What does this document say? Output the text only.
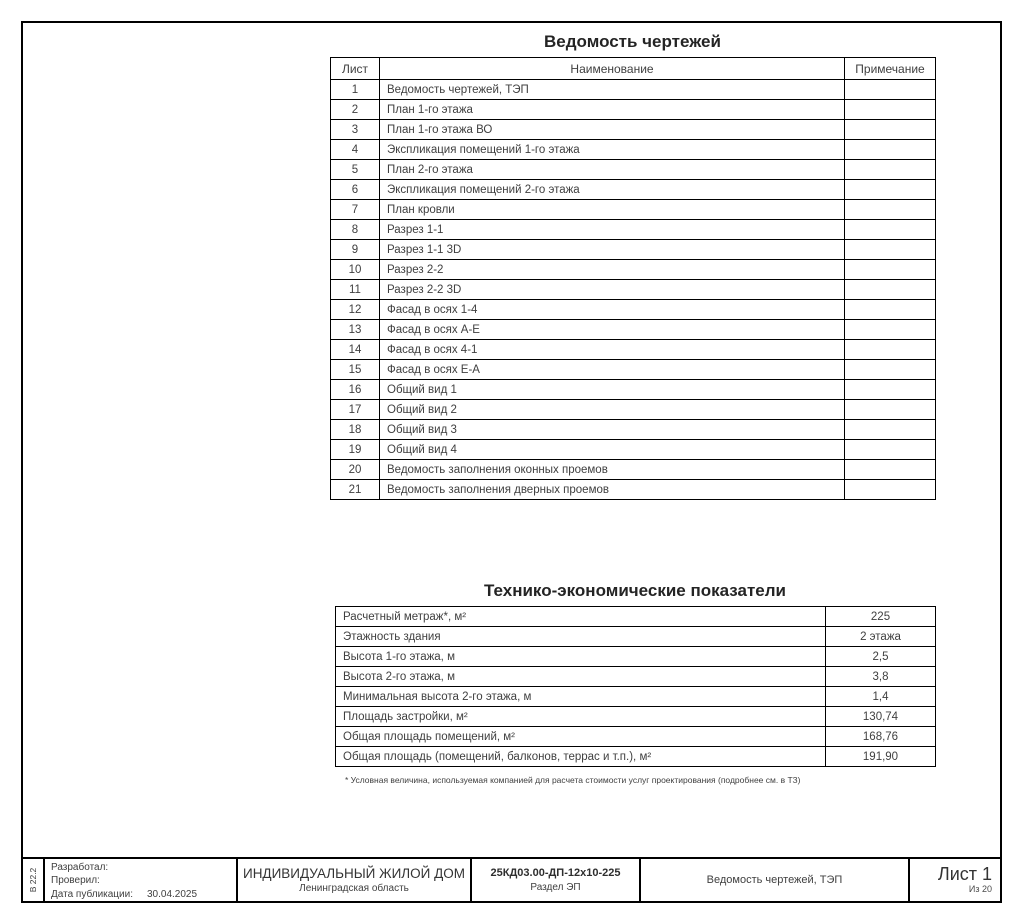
Ведомость чертежей
Лист	Наименование	Примечание
1	Ведомость чертежей, ТЭП	
2	План 1-го этажа	
3	План 1-го этажа ВО	
4	Экспликация помещений 1-го этажа	
5	План 2-го этажа	
6	Экспликация помещений 2-го этажа	
7	План кровли	
8	Разрез 1-1	
9	Разрез 1-1 3D	
10	Разрез 2-2	
11	Разрез 2-2 3D	
12	Фасад в осях 1-4	
13	Фасад в осях А-Е	
14	Фасад в осях 4-1	
15	Фасад в осях Е-А	
16	Общий вид 1	
17	Общий вид 2	
18	Общий вид 3	
19	Общий вид 4	
20	Ведомость заполнения оконных проемов	
21	Ведомость заполнения дверных проемов	
Технико-экономические показатели
Расчетный метраж*, м²	225
Этажность здания	2 этажа
Высота 1-го этажа, м	2,5
Высота 2-го этажа, м	3,8
Минимальная высота 2-го этажа, м	1,4
Площадь застройки, м²	130,74
Общая площадь помещений, м²	168,76
Общая площадь (помещений, балконов, террас и т.п.), м²	191,90
* Условная величина, используемая компанией для расчета стоимости услуг проектирования (подробнее см. в ТЗ)
В 22.2
Разработал:
Проверил:
Дата публикации: 30.04.2025
ИНДИВИДУАЛЬНЫЙ ЖИЛОЙ ДОМ
Ленинградская область
25КД03.00-ДП-12х10-225
Раздел ЭП
Ведомость чертежей, ТЭП	Лист 1
Из 20
